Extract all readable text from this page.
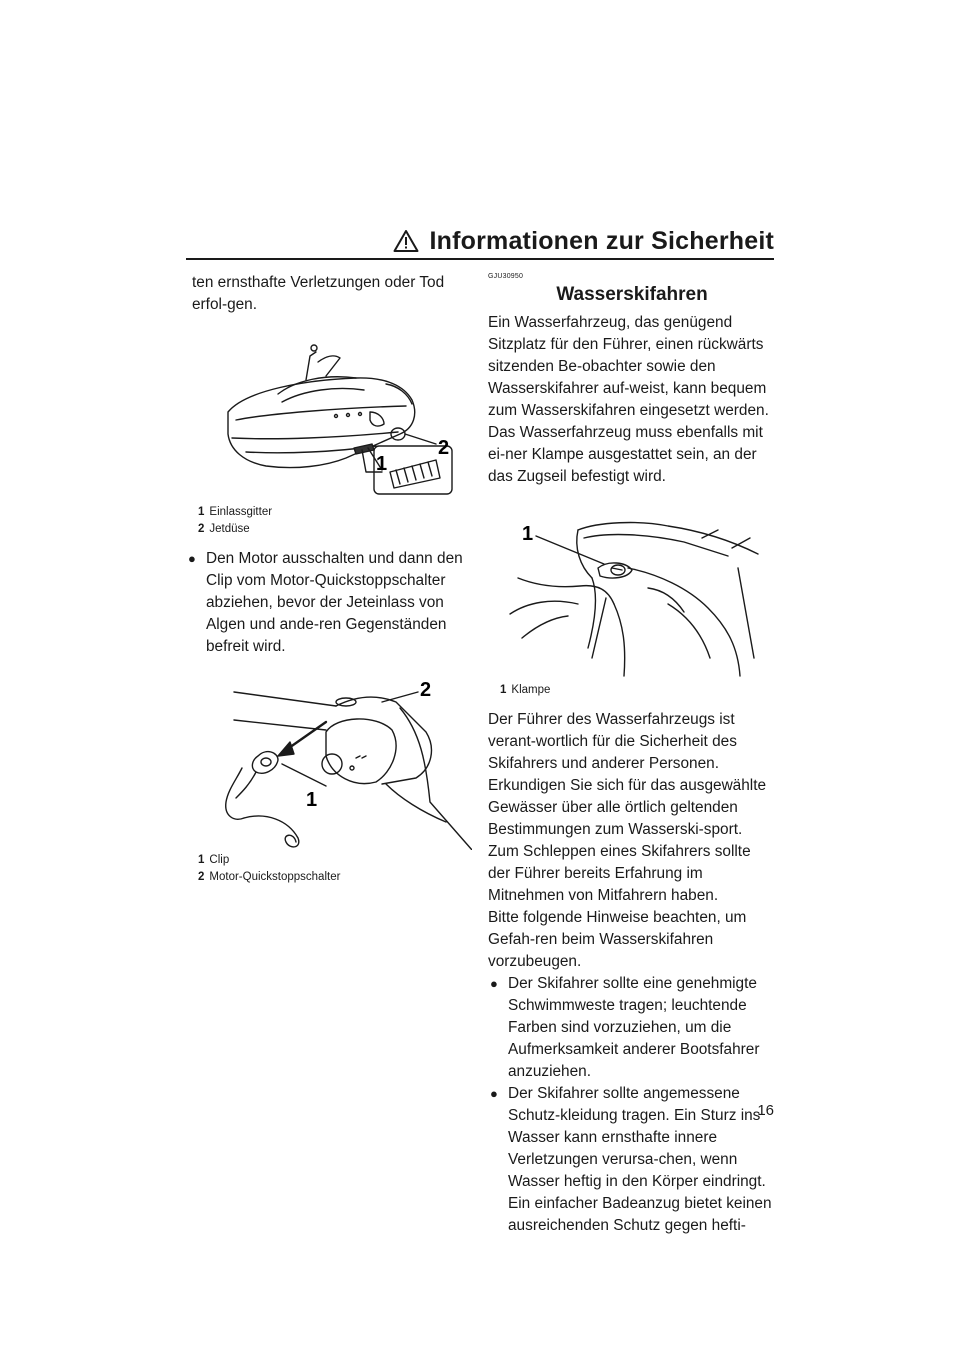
Informationen zur Sicherheit

ten ernsthafte Verletzungen oder Tod erfol-gen.

1
2
1 Einlassgitter
2 Jetdüse
● Den Motor ausschalten und dann den Clip vom Motor-Quickstoppschalter abziehen, bevor der Jeteinlass von Algen und ande-ren Gegenständen befreit wird.

1
2
1 Clip
2 Motor-Quickstoppschalter
GJU30950
Wasserskifahren

Ein Wasserfahrzeug, das genügend Sitzplatz für den Führer, einen rückwärts sitzenden Be-obachter sowie den Wasserskifahrer auf-weist, kann bequem zum Wasserskifahren eingesetzt werden.

Das Wasserfahrzeug muss ebenfalls mit ei-ner Klampe ausgestattet sein, an der das Zugseil befestigt wird.

1
1 Klampe

Der Führer des Wasserfahrzeugs ist verant-wortlich für die Sicherheit des Skifahrers und anderer Personen. Erkundigen Sie sich für das ausgewählte Gewässer über alle örtlich geltenden Bestimmungen zum Wasserski-sport.

Zum Schleppen eines Skifahrers sollte der Führer bereits Erfahrung im Mitnehmen von Mitfahrern haben.

Bitte folgende Hinweise beachten, um Gefah-ren beim Wasserskifahren vorzubeugen.

● Der Skifahrer sollte eine genehmigte Schwimmweste tragen; leuchtende Farben sind vorzuziehen, um die Aufmerksamkeit anderer Bootsfahrer anzuziehen.

● Der Skifahrer sollte angemessene Schutz-kleidung tragen. Ein Sturz ins Wasser kann ernsthafte innere Verletzungen verursa-chen, wenn Wasser heftig in den Körper eindringt. Ein einfacher Badeanzug bietet keinen ausreichenden Schutz gegen hefti-

16
